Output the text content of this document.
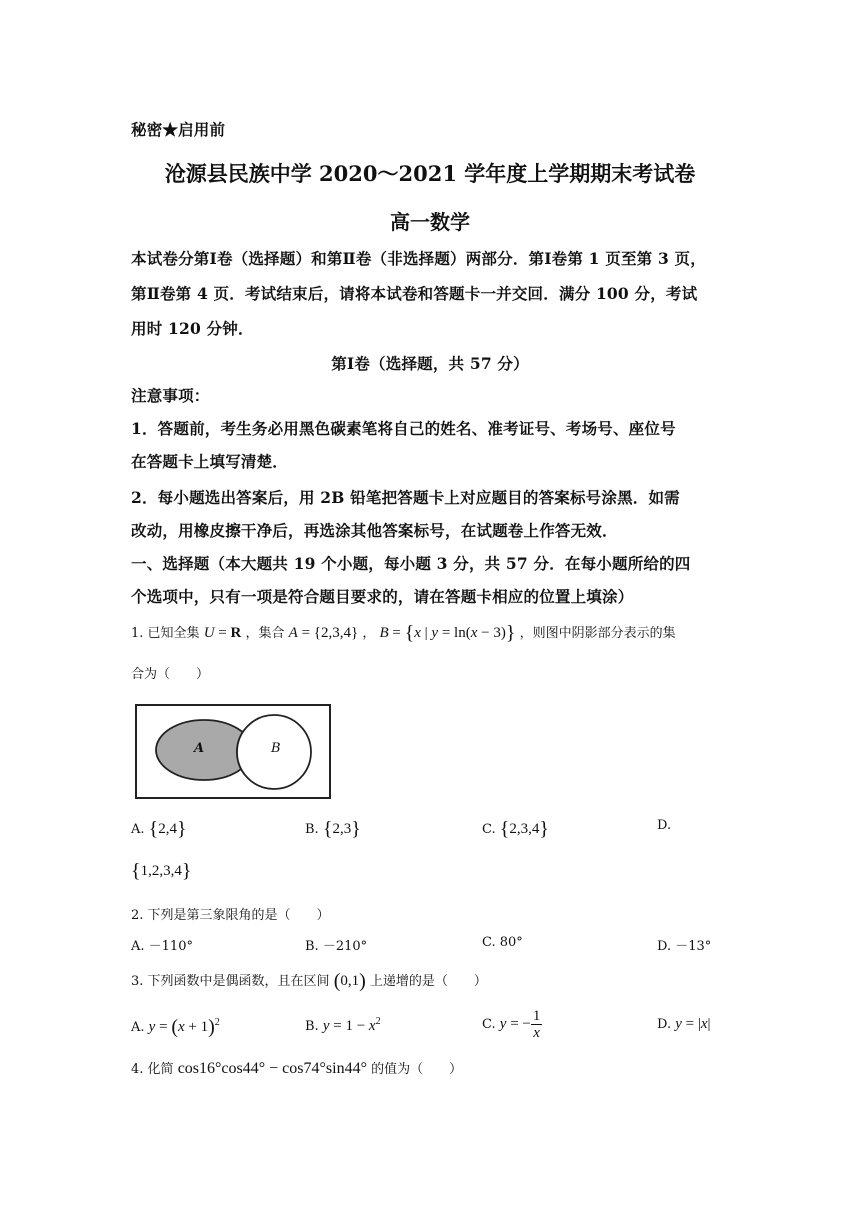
秘密★启用前
沧源县民族中学 2020～2021 学年度上学期期末考试卷
高一数学
本试卷分第Ⅰ卷（选择题）和第Ⅱ卷（非选择题）两部分．第Ⅰ卷第 1 页至第 3 页，
第Ⅱ卷第 4 页．考试结束后，请将本试卷和答题卡一并交回．满分 100 分，考试
用时 120 分钟．
第Ⅰ卷（选择题，共 57 分）
注意事项：
1．答题前，考生务必用黑色碳素笔将自己的姓名、准考证号、考场号、座位号
在答题卡上填写清楚．
2．每小题选出答案后，用 2B 铅笔把答题卡上对应题目的答案标号涂黑．如需
改动，用橡皮擦干净后，再选涂其他答案标号，在试题卷上作答无效．
一、选择题（本大题共 19 个小题，每小题 3 分，共 57 分．在每小题所给的四
个选项中，只有一项是符合题目要求的，请在答题卡相应的位置上填涂）
1. 已知全集 U = R ，集合 A = {2,3,4} ， B = {x | y = ln(x − 3)} ，则图中阴影部分表示的集
合为（　　）
A	B
A. {2,4}	B. {2,3}	C. {2,3,4}	D.
{1,2,3,4}
2. 下列是第三象限角的是（　　）
A. －110°	B. －210°	C. 80°	D. －13°
3. 下列函数中是偶函数，且在区间 (0,1) 上递增的是（　　）
A. $y = (x + 1)^2$	B. $y = 1 - x^2$	C. y = − $\frac{1}{x}$	D. y = |x|
4. 化简 cos16°cos44° − cos74°sin44° 的值为（　　）
